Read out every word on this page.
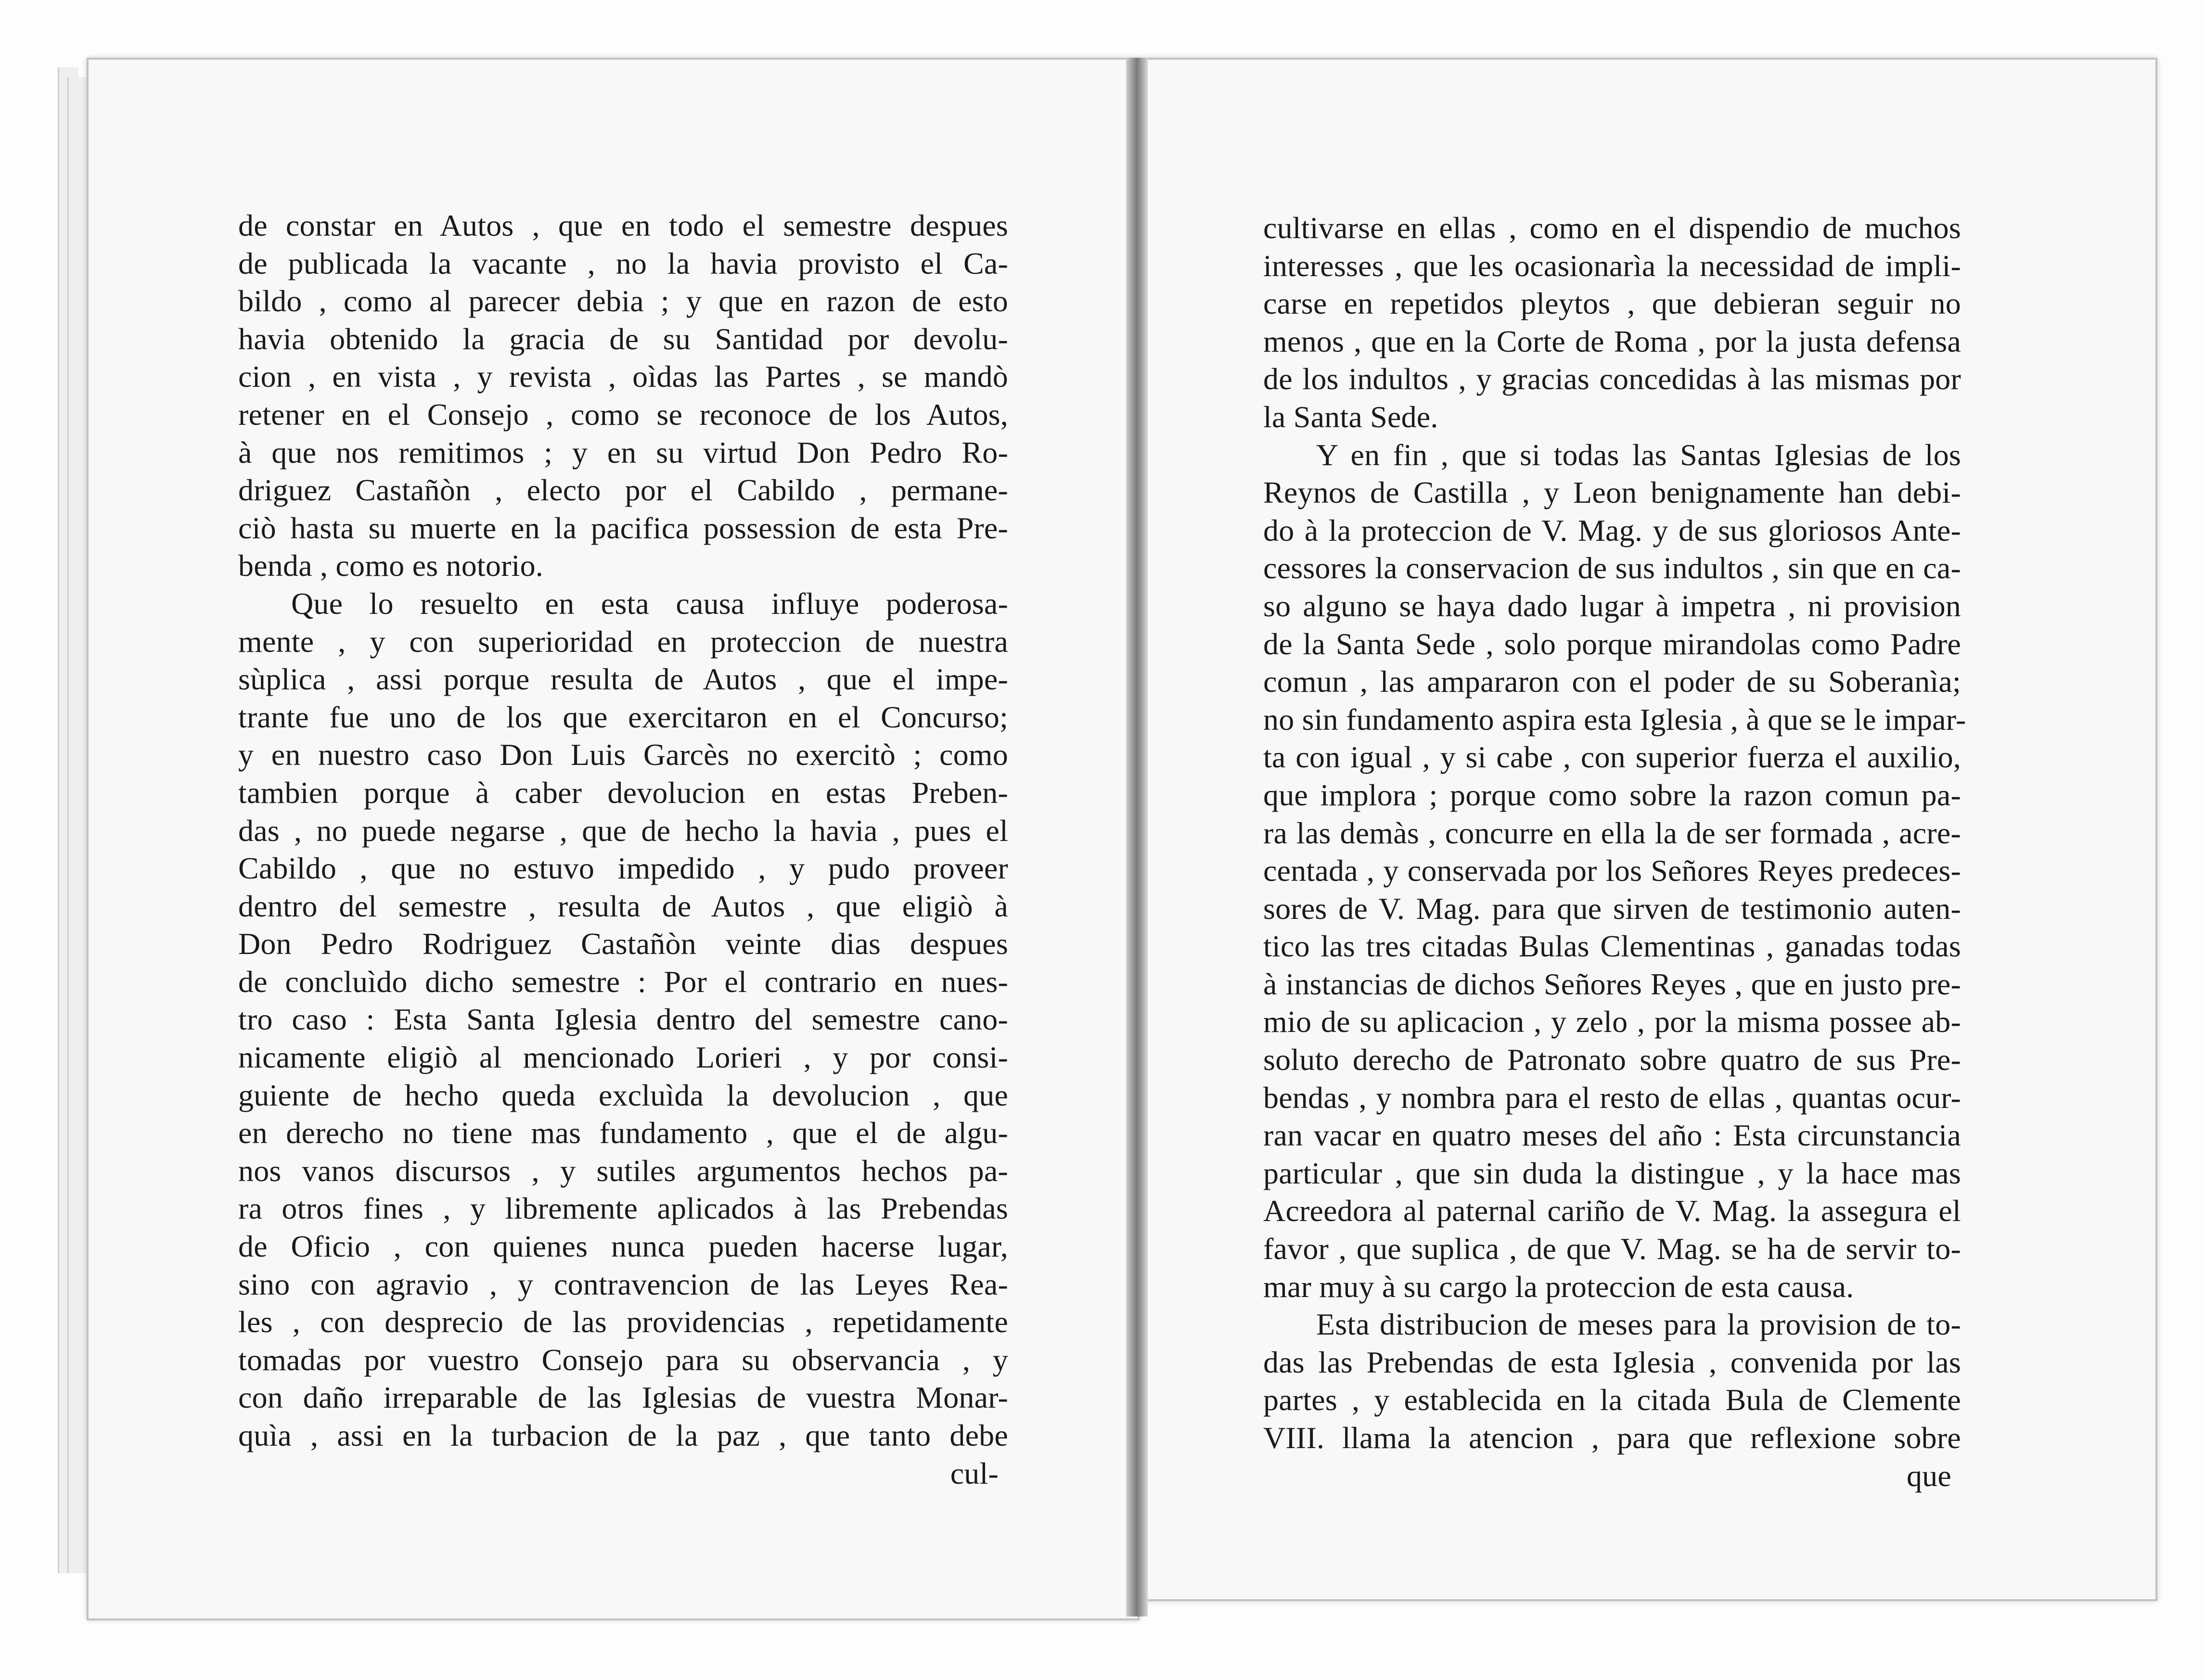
de constar en Autos , que en todo el semestre despues
de publicada la vacante , no la havia provisto el Ca-
bildo , como al parecer debia ; y que en razon de esto
havia obtenido la gracia de su Santidad por devolu-
cion , en vista , y revista , oìdas las Partes , se mandò
retener en el Consejo , como se reconoce de los Autos,
à que nos remitimos ; y en su virtud Don Pedro Ro-
driguez Castañòn , electo por el Cabildo , permane-
ciò hasta su muerte en la pacifica possession de esta Pre-
benda , como es notorio.
Que lo resuelto en esta causa influye poderosa-
mente , y con superioridad en proteccion de nuestra
sùplica , assi porque resulta de Autos , que el impe-
trante fue uno de los que exercitaron en el Concurso;
y en nuestro caso Don Luis Garcès no exercitò ; como
tambien porque à caber devolucion en estas Preben-
das , no puede negarse , que de hecho la havia , pues el
Cabildo , que no estuvo impedido , y pudo proveer
dentro del semestre , resulta de Autos , que eligiò à
Don Pedro Rodriguez Castañòn veinte dias despues
de concluìdo dicho semestre : Por el contrario en nues-
tro caso : Esta Santa Iglesia dentro del semestre cano-
nicamente eligiò al mencionado Lorieri , y por consi-
guiente de hecho queda excluìda la devolucion , que
en derecho no tiene mas fundamento , que el de algu-
nos vanos discursos , y sutiles argumentos hechos pa-
ra otros fines , y libremente aplicados à las Prebendas
de Oficio , con quienes nunca pueden hacerse lugar,
sino con agravio , y contravencion de las Leyes Rea-
les , con desprecio de las providencias , repetidamente
tomadas por vuestro Consejo para su observancia , y
con daño irreparable de las Iglesias de vuestra Monar-
quìa , assi en la turbacion de la paz , que tanto debe
cul-
cultivarse en ellas , como en el dispendio de muchos
interesses , que les ocasionarìa la necessidad de impli-
carse en repetidos pleytos , que debieran seguir no
menos , que en la Corte de Roma , por la justa defensa
de los indultos , y gracias concedidas à las mismas por
la Santa Sede.
Y en fin , que si todas las Santas Iglesias de los
Reynos de Castilla , y Leon benignamente han debi-
do à la proteccion de V. Mag. y de sus gloriosos Ante-
cessores la conservacion de sus indultos , sin que en ca-
so alguno se haya dado lugar à impetra , ni provision
de la Santa Sede , solo porque mirandolas como Padre
comun , las ampararon con el poder de su Soberanìa;
no sin fundamento aspira esta Iglesia , à que se le impar-
ta con igual , y si cabe , con superior fuerza el auxilio,
que implora ; porque como sobre la razon comun pa-
ra las demàs , concurre en ella la de ser formada , acre-
centada , y conservada por los Señores Reyes predeces-
sores de V. Mag. para que sirven de testimonio auten-
tico las tres citadas Bulas Clementinas , ganadas todas
à instancias de dichos Señores Reyes , que en justo pre-
mio de su aplicacion , y zelo , por la misma possee ab-
soluto derecho de Patronato sobre quatro de sus Pre-
bendas , y nombra para el resto de ellas , quantas ocur-
ran vacar en quatro meses del año : Esta circunstancia
particular , que sin duda la distingue , y la hace mas
Acreedora al paternal cariño de V. Mag. la assegura el
favor , que suplica , de que V. Mag. se ha de servir to-
mar muy à su cargo la proteccion de esta causa.
Esta distribucion de meses para la provision de to-
das las Prebendas de esta Iglesia , convenida por las
partes , y establecida en la citada Bula de Clemente
VIII. llama la atencion , para que reflexione sobre
que
